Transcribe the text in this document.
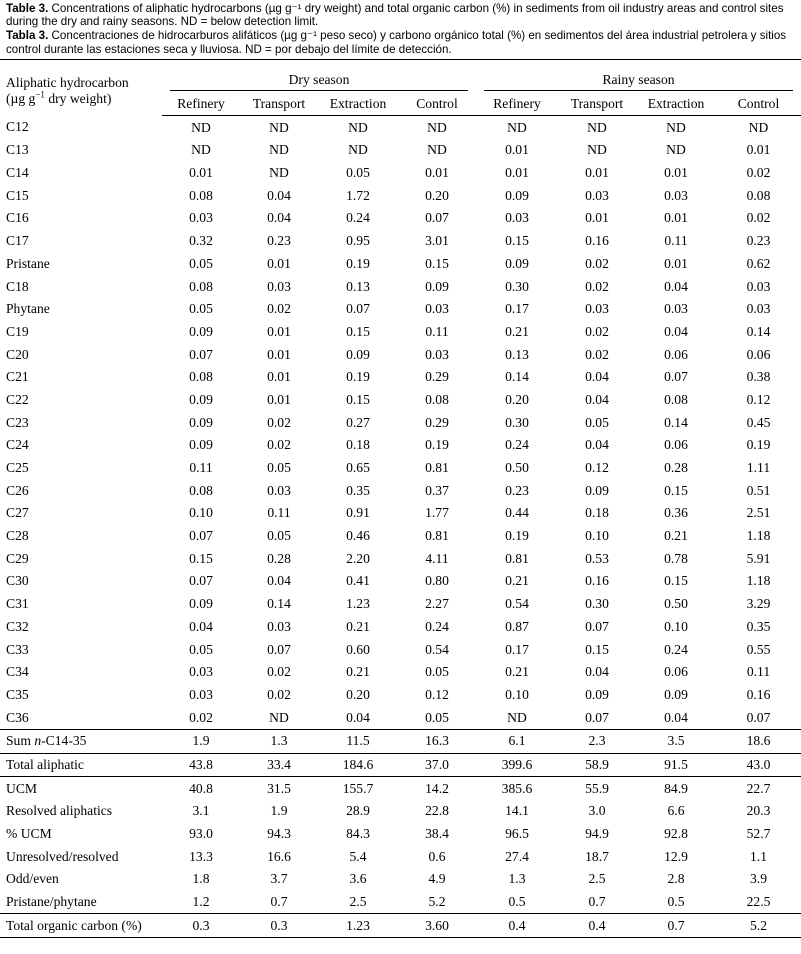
Table 3. Concentrations of aliphatic hydrocarbons (µg g⁻¹ dry weight) and total organic carbon (%) in sediments from oil industry areas and control sites during the dry and rainy seasons. ND = below detection limit.

Tabla 3. Concentraciones de hidrocarburos alifáticos (µg g⁻¹ peso seco) y carbono orgánico total (%) en sedimentos del área industrial petrolera y sitios control durante las estaciones seca y lluviosa. ND = por debajo del límite de detección.

Aliphatic hydrocarbon
(µg $g^{-1}$ dry weight)	Dry season				Rainy season			

	Refinery	Transport	Extraction	Control	Refinery	Transport	Extraction	Control
C12	ND	ND	ND	ND	ND	ND	ND	ND
C13	ND	ND	ND	ND	0.01	ND	ND	0.01
C14	0.01	ND	0.05	0.01	0.01	0.01	0.01	0.02
C15	0.08	0.04	1.72	0.20	0.09	0.03	0.03	0.08
C16	0.03	0.04	0.24	0.07	0.03	0.01	0.01	0.02
C17	0.32	0.23	0.95	3.01	0.15	0.16	0.11	0.23
Pristane	0.05	0.01	0.19	0.15	0.09	0.02	0.01	0.62
C18	0.08	0.03	0.13	0.09	0.30	0.02	0.04	0.03
Phytane	0.05	0.02	0.07	0.03	0.17	0.03	0.03	0.03
C19	0.09	0.01	0.15	0.11	0.21	0.02	0.04	0.14
C20	0.07	0.01	0.09	0.03	0.13	0.02	0.06	0.06
C21	0.08	0.01	0.19	0.29	0.14	0.04	0.07	0.38
C22	0.09	0.01	0.15	0.08	0.20	0.04	0.08	0.12
C23	0.09	0.02	0.27	0.29	0.30	0.05	0.14	0.45
C24	0.09	0.02	0.18	0.19	0.24	0.04	0.06	0.19
C25	0.11	0.05	0.65	0.81	0.50	0.12	0.28	1.11
C26	0.08	0.03	0.35	0.37	0.23	0.09	0.15	0.51
C27	0.10	0.11	0.91	1.77	0.44	0.18	0.36	2.51
C28	0.07	0.05	0.46	0.81	0.19	0.10	0.21	1.18
C29	0.15	0.28	2.20	4.11	0.81	0.53	0.78	5.91
C30	0.07	0.04	0.41	0.80	0.21	0.16	0.15	1.18
C31	0.09	0.14	1.23	2.27	0.54	0.30	0.50	3.29
C32	0.04	0.03	0.21	0.24	0.87	0.07	0.10	0.35
C33	0.05	0.07	0.60	0.54	0.17	0.15	0.24	0.55
C34	0.03	0.02	0.21	0.05	0.21	0.04	0.06	0.11
C35	0.03	0.02	0.20	0.12	0.10	0.09	0.09	0.16
C36	0.02	ND	0.04	0.05	ND	0.07	0.04	0.07
Sum n-C14-35	1.9	1.3	11.5	16.3	6.1	2.3	3.5	18.6
Total aliphatic	43.8	33.4	184.6	37.0	399.6	58.9	91.5	43.0
UCM	40.8	31.5	155.7	14.2	385.6	55.9	84.9	22.7
Resolved aliphatics	3.1	1.9	28.9	22.8	14.1	3.0	6.6	20.3
% UCM	93.0	94.3	84.3	38.4	96.5	94.9	92.8	52.7
Unresolved/resolved	13.3	16.6	5.4	0.6	27.4	18.7	12.9	1.1
Odd/even	1.8	3.7	3.6	4.9	1.3	2.5	2.8	3.9
Pristane/phytane	1.2	0.7	2.5	5.2	0.5	0.7	0.5	22.5
Total organic carbon (%)	0.3	0.3	1.23	3.60	0.4	0.4	0.7	5.2
